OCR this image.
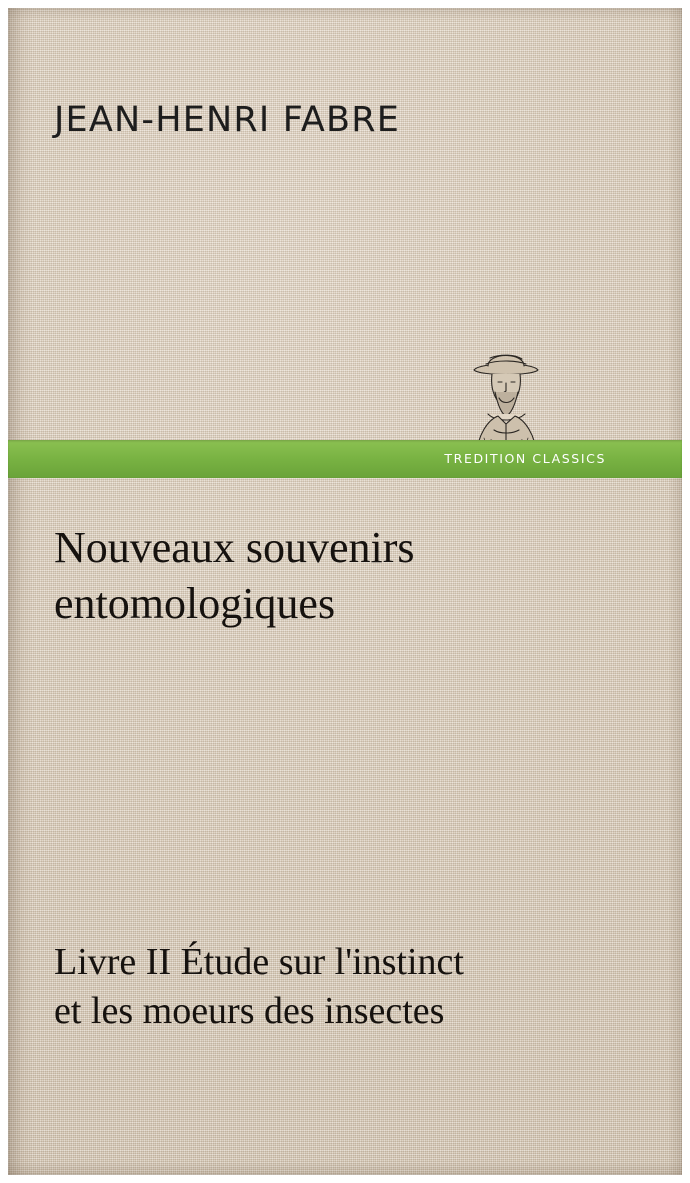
JEAN-HENRI FABRE
TREDITION CLASSICS
Nouveaux souvenirs entomologiques
Livre II Étude sur l'instinct
et les moeurs des insectes
